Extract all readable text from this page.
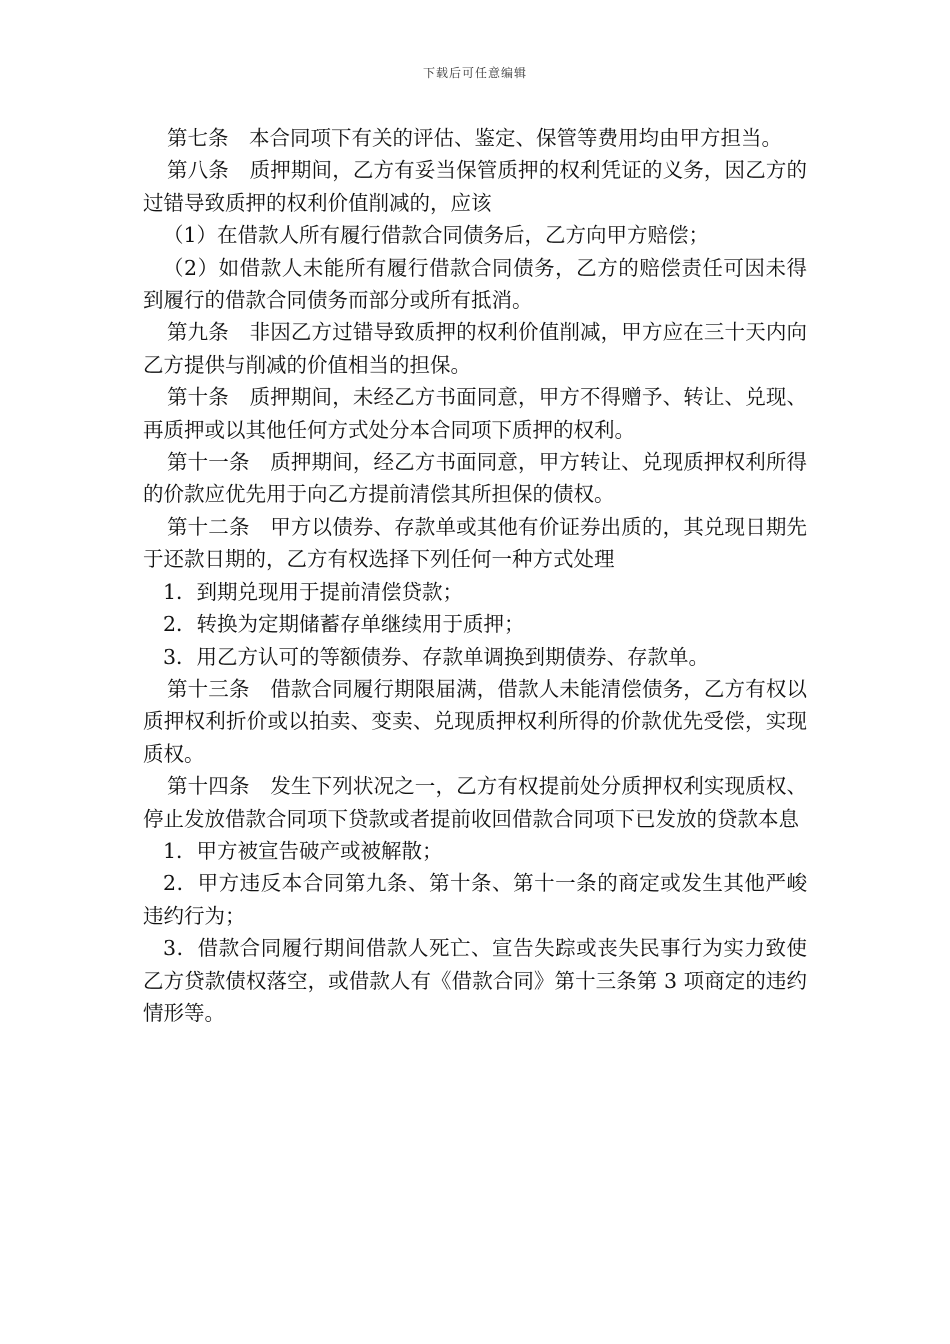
下载后可任意编辑

第七条　本合同项下有关的评估、鉴定、保管等费用均由甲方担当。

第八条　质押期间，乙方有妥当保管质押的权利凭证的义务，因乙方的过错导致质押的权利价值削减的，应该

（1）在借款人所有履行借款合同债务后，乙方向甲方赔偿；

（2）如借款人未能所有履行借款合同债务，乙方的赔偿责任可因未得到履行的借款合同债务而部分或所有抵消。

第九条　非因乙方过错导致质押的权利价值削减，甲方应在三十天内向乙方提供与削减的价值相当的担保。

第十条　质押期间，未经乙方书面同意，甲方不得赠予、转让、兑现、再质押或以其他任何方式处分本合同项下质押的权利。

第十一条　质押期间，经乙方书面同意，甲方转让、兑现质押权利所得的价款应优先用于向乙方提前清偿其所担保的债权。

第十二条　甲方以债券、存款单或其他有价证券出质的，其兑现日期先于还款日期的，乙方有权选择下列任何一种方式处理

1．到期兑现用于提前清偿贷款；

2．转换为定期储蓄存单继续用于质押；

3．用乙方认可的等额债券、存款单调换到期债券、存款单。

第十三条　借款合同履行期限届满，借款人未能清偿债务，乙方有权以质押权利折价或以拍卖、变卖、兑现质押权利所得的价款优先受偿，实现质权。

第十四条　发生下列状况之一，乙方有权提前处分质押权利实现质权、停止发放借款合同项下贷款或者提前收回借款合同项下已发放的贷款本息

1．甲方被宣告破产或被解散；

2．甲方违反本合同第九条、第十条、第十一条的商定或发生其他严峻违约行为；

3．借款合同履行期间借款人死亡、宣告失踪或丧失民事行为实力致使乙方贷款债权落空，或借款人有《借款合同》第十三条第 3 项商定的违约情形等。
